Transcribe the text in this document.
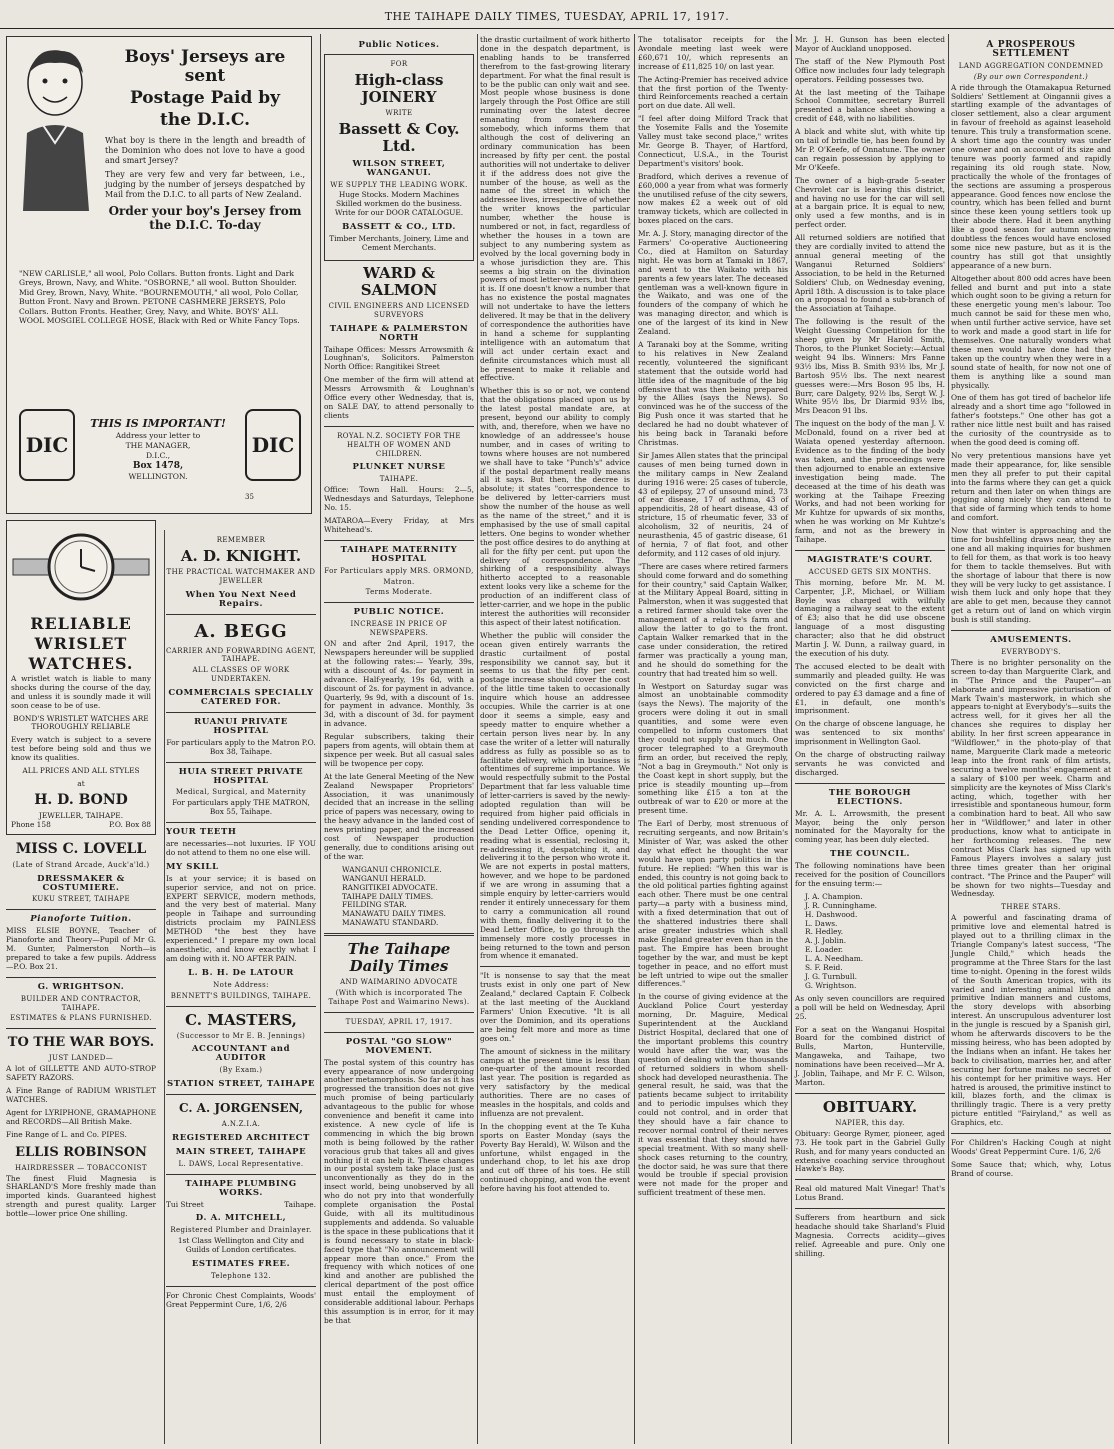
THE TAIHAPE DAILY TIMES, TUESDAY, APRIL 17, 1917.
Boys' Jerseys are sent
Postage Paid by
the D.I.C.

What boy is there in the length and breadth of the Dominion who does not love to have a good and smart Jersey?

They are very few and very far between, i.e., judging by the number of jerseys despatched by Mail from the D.I.C. to all parts of New Zealand.

Order your boy's Jersey from the D.I.C. To-day
"NEW CARLISLE," all wool, Polo Collars. Button fronts. Light and Dark Greys, Brown, Navy, and White. "OSBORNE," all wool. Button Shoulder. Mid Grey, Brown, Navy, White. "BOURNEMOUTH," all wool, Polo Collar, Button Front. Navy and Brown. PETONE CASHMERE JERSEYS, Polo Collars. Button Fronts. Heather, Grey, Navy, and White. BOYS' ALL WOOL MOSGIEL COLLEGE HOSE, Black with Red or White Fancy Tops.
DIC	DIC
THIS IS IMPORTANT!
Address your letter to
THE MANAGER,
D.I.C.,
Box 1478,
WELLINGTON.
35
RELIABLE
WRISLET
WATCHES.

A wristlet watch is liable to many shocks during the course of the day, and unless it is soundly made it will soon cease to be of use.

BOND'S WRISTLET WATCHES ARE THOROUGHLY RELIABLE

Every watch is subject to a severe test before being sold and thus we know its qualities.

ALL PRICES AND ALL STYLES

at
H. D. BOND
JEWELLER, TAIHAPE.
Phone 158	P.O. Box 88
MISS C. LOVELL
(Late of Strand Arcade, Auck'a'ld.)
DRESSMAKER & COSTUMIERE.
KUKU STREET, TAIHAPE
Pianoforte Tuition.

MISS ELSIE BOYNE, Teacher of Pianoforte and Theory—Pupil of Mr G. M. Gunter, Palmerston North—is prepared to take a few pupils. Address—P.O. Box 21.

G. WRIGHTSON.
BUILDER AND CONTRACTOR, TAIHAPE.
ESTIMATES & PLANS FURNISHED.
TO THE WAR BOYS.
JUST LANDED—

A lot of GILLETTE AND AUTO-STROP SAFETY RAZORS.

A Fine Range of RADIUM WRISTLET WATCHES.

Agent for LYRIPHONE, GRAMAPHONE and RECORDS—All British Make.

Fine Range of L. and Co. PIPES.

ELLIS ROBINSON
HAIRDRESSER — TOBACCONIST

The finest Fluid Magnesia is SHARLAND'S More freshly made than imported kinds. Guaranteed highest strength and purest quality. Larger bottle—lower price One shilling.

REMEMBER
A. D. KNIGHT.
THE PRACTICAL WATCHMAKER AND JEWELLER
When You Next Need Repairs.
A. BEGG
CARRIER AND FORWARDING AGENT, TAIHAPE.
ALL CLASSES OF WORK UNDERTAKEN.
COMMERCIALS SPECIALLY CATERED FOR.
RUANUI PRIVATE HOSPITAL

For particulars apply to the Matron P.O. Box 38, Taihape.

HUIA STREET PRIVATE HOSPITAL
Medical, Surgical, and Maternity

For particulars apply THE MATRON, Box 55, Taihape.

YOUR TEETH

are necessaries—not luxuries. IF YOU do not attend to them no one else will.

MY SKILL

Is at your service; it is based on superior service, and not on price. EXPERT SERVICE, modern methods, and the very best of material. Many people in Taihape and surrounding districts proclaim my PAINLESS METHOD "the best they have experienced." I prepare my own local anaesthetic, and know exactly what I am doing with it. NO AFTER PAIN.

L. B. H. De LATOUR
Note Address:
BENNETT'S BUILDINGS, TAIHAPE.
C. MASTERS,
(Successor to Mr E. B. Jennings)
ACCOUNTANT and AUDITOR
(By Exam.)
STATION STREET, TAIHAPE
C. A. JORGENSEN,
A.N.Z.I.A.
REGISTERED ARCHITECT
MAIN STREET, TAIHAPE
L. DAWS, Local Representative.
TAIHAPE PLUMBING WORKS.
Tui Street	Taihape.
D. A. MITCHELL,
Registered Plumber and Drainlayer.

1st Class Wellington and City and Guilds of London certificates.

ESTIMATES FREE.
Telephone 132.

For Chronic Chest Complaints, Woods' Great Peppermint Cure, 1/6, 2/6

Public Notices.
FOR
High-class JOINERY
WRITE
Bassett & Coy. Ltd.
WILSON STREET, WANGANUI.
WE SUPPLY THE LEADING WORK.

Huge Stocks. Modern Machines Skilled workmen do the business. Write for our DOOR CATALOGUE.

BASSETT & CO., LTD.

Timber Merchants, Joinery, Lime and Cement Merchants.

WARD & SALMON
CIVIL ENGINEERS AND LICENSED SURVEYORS
TAIHAPE & PALMERSTON NORTH

Taihape Offices: Messrs Arrowsmith & Loughnan's, Solicitors. Palmerston North Office: Rangitikei Street

One member of the firm will attend at Messrs Arrowsmith & Loughnan's Office every other Wednesday, that is, on SALE DAY, to attend personally to clients

ROYAL N.Z. SOCIETY FOR THE HEALTH OF WOMEN AND CHILDREN.
PLUNKET NURSE
TAIHAPE.

Office: Town Hall. Hours: 2—5, Wednesdays and Saturdays, Telephone No. 15.

MATAROA—Every Friday, at Mrs Whitehead's.

TAIHAPE MATERNITY HOSPITAL
For Particulars apply MRS. ORMOND,
Matron.
Terms Moderate.
PUBLIC NOTICE.
INCREASE IN PRICE OF NEWSPAPERS.

ON and after 2nd April, 1917, the Newspapers hereunder will be supplied at the following rates:— Yearly, 39s, with a discount of 4s. for payment in advance. Half-yearly, 19s 6d, with a discount of 2s. for payment in advance. Quarterly, 9s 9d, with a discount of 1s. for payment in advance. Monthly, 3s 3d, with a discount of 3d. for payment in advance.

Regular subscribers, taking their papers from agents, will obtain them at sixpence per week. But all casual sales will be twopence per copy.

At the late General Meeting of the New Zealand Newspaper Proprietors' Association, it was unanimously decided that an increase in the selling price of papers was necessary, owing to the heavy advance in the landed cost of news printing paper, and the increased cost of Newspaper production generally, due to conditions arising out of the war.

WANGANUI CHRONICLE.
WANGANUI HERALD.
RANGITIKEI ADVOCATE.
TAIHAPE DAILY TIMES.
FEILDING STAR.
MANAWATU DAILY TIMES.
MANAWATU STANDARD.
The Taihape Daily Times
AND WAIMARINO ADVOCATE
(With which is incorporated The Taihape Post and Waimarino News).
TUESDAY, APRIL 17, 1917.
POSTAL "GO SLOW" MOVEMENT.

The postal system of this country has every appearance of now undergoing another metamorphosis. So far as it has progressed the transition does not give much promise of being particularly advantageous to the public for whose convenience and benefit it came into existence. A new cycle of life is commencing in which the big brown moth is being followed by the rather voracious grub that takes all and gives nothing if it can help it. These changes in our postal system take place just as unconventionally as they do in the insect world, being unobserved by all who do not pry into that wonderfully complete organisation the Postal Guide, with all its multitudinous supplements and addenda. So valuable is the space in these publications that it is found necessary to state in black-faced type that "No announcement will appear more than once." From the frequency with which notices of one kind and another are published the clerical department of the post office must entail the employment of considerable additional labour. Perhaps this assumption is in error, for it may be that

the drastic curtailment of work hitherto done in the despatch department, is enabling hands to be transferred therefrom to the fast-growing literary department. For what the final result is to be the public can only wait and see. Most people whose business is done largely through the Post Office are still ruminating over the latest decree emanating from somewhere or somebody, which informs them that although the cost of delivering an ordinary communication has been increased by fifty per cent. the postal authorities will not undertake to deliver it if the address does not give the number of the house, as well as the name of the street in which the addressee lives, irrespective of whether the writer knows the particular number, whether the house is numbered or not, in fact, regardless of whether the houses in a town are subject to any numbering system as evolved by the local governing body in a whose jurisdiction they are. This seems a big strain on the divination powers of most letter-writers, but there it is. If one doesn't know a number that has no existence the postal magnates will not undertake to have the letters delivered. It may be that in the delivery of correspondence the authorities have in hand a scheme for supplanting intelligence with an automatum that will act under certain exact and definite circumstances which must all be present to make it reliable and effective.

Whether this is so or not, we contend that the obligations placed upon us by the latest postal mandate are, at present, beyond our ability to comply with, and, therefore, when we have no knowledge of an addressee's house number, and in cases of writing to towns where houses are not numbered we shall have to take "Punch's" advice if the postal department really means all it says. But then, the decree is absolute; it states "correspondence to be delivered by letter-carriers must show the number of the house as well as the name of the street," and it is emphasised by the use of small capital letters. One begins to wonder whether the post office desires to do anything at all for the fifty per cent. put upon the delivery of correspondence. The shirking of a responsibility always hitherto accepted to a reasonable extent looks very like a scheme for the production of an indifferent class of letter-carrier, and we hope in the public interest the authorities will reconsider this aspect of their latest notification.

Whether the public will consider the ocean given entirely warrants the drastic curtailment of postal responsibility we cannot say, but it seems to us that the fifty per cent. postage increase should cover the cost of the little time taken to occasionally inquire which house an addressee occupies. While the carrier is at one door it seems a simple, easy and speedy matter to enquire whether a certain person lives near by. In any case the writer of a letter will naturally address as fully as possible so as to facilitate delivery, which in business is oftentimes of supreme importance. We would respectfully submit to the Postal Department that far less valuable time of letter-carriers is saved by the newly-adopted regulation than will be required from higher paid officials in sending undelivered correspondence to the Dead Letter Office, opening it, reading what is essential, reclosing it, re-addressing it, despatching it, and delivering it to the person who wrote it. We are not experts in postal matters, however, and we hope to be pardoned if we are wrong in assuming that a simple enquiry by letter-carriers would render it entirely unnecessary for them to carry a communication all round with them, finally delivering it to the Dead Letter Office, to go through the immensely more costly processes in being returned to the town and person from whence it emanated.

"It is nonsense to say that the meat trusts exist in only one part of New Zealand," declared Captain F. Colbeck at the last meeting of the Auckland Farmers' Union Executive. "It is all over the Dominion, and its operations are being felt more and more as time goes on."

The amount of sickness in the military camps at the present time is less than one-quarter of the amount recorded last year. The position is regarded as very satisfactory by the medical authorities. There are no cases of measles in the hospitals, and colds and influenza are not prevalent.

In the chopping event at the Te Kuha sports on Easter Monday (says the Poverty Bay Herald), W. Wilson and the unfortune, whilst engaged in the underhand chop, to let his axe drop and cut off three of his toes. He still continued chopping, and won the event before having his foot attended to.

The totalisator receipts for the Avondale meeting last week were £60,671 10/, which represents an increase of £11,825 10/ on last year.

The Acting-Premier has received advice that the first portion of the Twenty-third Reinforcements reached a certain port on due date. All well.

"I feel after doing Milford Track that the Yosemite Falls and the Yosemite Valley must take second place," writes Mr. George B. Thayer, of Hartford, Connecticut, U.S.A., in the Tourist Department's visitors' book.

Bradford, which derives a revenue of £60,000 a year from what was formerly the unutilised refuse of the city sewers, now makes £2 a week out of old tramway tickets, which are collected in boxes placed on the cars.

Mr. A. J. Story, managing director of the Farmers' Co-operative Auctioneering Co., died at Hamilton on Saturday night. He was born at Tamaki in 1867, and went to the Waikato with his parents a few years later. The deceased gentleman was a well-known figure in the Waikato, and was one of the founders of the company of which he was managing director, and which is one of the largest of its kind in New Zealand.

A Taranaki boy at the Somme, writing to his relatives in New Zealand recently, volunteered the significant statement that the outside world had little idea of the magnitude of the big offensive that was then being prepared by the Allies (says the News). So convinced was he of the success of the Big Push once it was started that he declared he had no doubt whatever of his being back in Taranaki before Christmas.

Sir James Allen states that the principal causes of men being turned down in the military camps in New Zealand during 1916 were: 25 cases of tubercle, 43 of epilepsy, 27 of unsound mind, 73 of ear disease, 17 of asthma, 43 of appendicitis, 28 of heart disease, 43 of stricture, 15 of rheumatic fever, 33 of alcoholism, 32 of neuritis, 24 of neurasthenia, 45 of gastric disease, 61 of hernia, 7 of flat foot, and other deformity, and 112 cases of old injury.

"There are cases where retired farmers should come forward and do something for their country," said Captain Walker, at the Military Appeal Board, sitting in Palmerston, when it was suggested that a retired farmer should take over the management of a relative's farm and allow the latter to go to the front. Captain Walker remarked that in the case under consideration, the retired farmer was practically a young man, and he should do something for the country that had treated him so well.

In Westport on Saturday sugar was almost an unobtainable commodity (says the News). The majority of the grocers were doling it out in small quantities, and some were even compelled to inform customers that they could not supply that much. One grocer telegraphed to a Greymouth firm an order, but received the reply, "Not a bag in Greymouth." Not only is the Coast kept in short supply, but the price is steadily mounting up—from something like £15 a ton at the outbreak of war to £20 or more at the present time.

The Earl of Derby, most strenuous of recruiting sergeants, and now Britain's Minister of War, was asked the other day what effect he thought the war would have upon party politics in the future. He replied: "When this war is ended, this country is not going back to the old political parties fighting against each other. There must be one central party—a party with a business mind, with a fixed determination that out of the shattered industries there shall arise greater industries which shall make England greater even than in the past. The Empire has been brought together by the war, and must be kept together in peace, and no effort must be left untried to wipe out the smaller differences."

In the course of giving evidence at the Auckland Police Court yesterday morning, Dr. Maguire, Medical Superintendent at the Auckland District Hospital, declared that one of the important problems this country would have after the war, was the question of dealing with the thousands of returned soldiers in whom shell-shock had developed neurasthenia. The general result, he said, was that the patients became subject to irritability and to periodic impulses which they could not control, and in order that they should have a fair chance to recover normal control of their nerves it was essential that they should have special treatment. With so many shell-shock cases returning to the country, the doctor said, he was sure that there would be trouble if special provision were not made for the proper and sufficient treatment of these men.

Mr. J. H. Gunson has been elected Mayor of Auckland unopposed.

The staff of the New Plymouth Post Office now includes four lady telegraph operators. Feilding possesses two.

At the last meeting of the Taihape School Committee, secretary Burrell presented a balance sheet showing a credit of £48, with no liabilities.

A black and white slut, with white tip on tail of brindle tie, has been found by Mr P. O'Keefe, of Onnatune. The owner can regain possession by applying to Mr O'Keefe.

The owner of a high-grade 5-seater Chevrolet car is leaving this district, and having no use for the car will sell at a bargain price. It is equal to new, only used a few months, and is in perfect order.

All returned soldiers are notified that they are cordially invited to attend the annual general meeting of the Wanganui Returned Soldiers' Association, to be held in the Returned Soldiers' Club, on Wednesday evening, April 18th. A discussion is to take place on a proposal to found a sub-branch of the Association at Taihape.

The following is the result of the Weight Guessing Competition for the sheep given by Mr Harold Smith, Thoros, to the Plunket Society:—Actual weight 94 lbs. Winners: Mrs Fanne 93½ lbs, Miss B. Smith 93½ lbs, Mr J. Bartosh 95½ lbs. The next nearest guesses were:—Mrs Boson 95 lbs, H. Burr, care Dalgety, 92½ lbs, Sergt W. J. White 95½ lbs, Dr Diarmid 93½ lbs, Mrs Deacon 91 lbs.

The inquest on the body of the man J. V. McDonald, found on a river bed at Waiata opened yesterday afternoon. Evidence as to the finding of the body was taken, and the proceedings were then adjourned to enable an extensive investigation being made. The deceased at the time of his death was working at the Taihape Freezing Works, and had not been working for Mr Kuhtze for upwards of six months, when he was working on Mr Kuhtze's farm, and not as the brewery in Taihape.

MAGISTRATE'S COURT.
ACCUSED GETS SIX MONTHS.

This morning, before Mr. M. M. Carpenter, J.P., Michael, or William Boyle was charged with wilfully damaging a railway seat to the extent of £3; also that he did use obscene language of a most disgusting character; also that he did obstruct Martin J. W. Dunn, a railway guard, in the execution of his duty.

The accused elected to be dealt with summarily and pleaded guilty. He was convicted on the first charge and ordered to pay £3 damage and a fine of £1, in default, one month's imprisonment.

On the charge of obscene language, he was sentenced to six months' imprisonment in Wellington Gaol.

On the charge of obstructing railway servants he was convicted and discharged.

THE BOROUGH ELECTIONS.

Mr. A. L. Arrowsmith, the present Mayor, being the only person nominated for the Mayoralty for the coming year, has been duly elected.

THE COUNCIL.

The following nominations have been received for the position of Councillors for the ensuing term:—

J. A. Champion.
J. R. Cunninghame.
H. Dashwood.
L. Daws.
R. Hedley.
A. J. Joblin.
E. Loader.
L. A. Needham.
S. F. Reid.
J. G. Turnbull.
G. Wrightson.

As only seven councillors are required a poll will be held on Wednesday, April 25.

For a seat on the Wanganui Hospital Board for the combined district of Bulls, Marton, Hunterville, Mangaweka, and Taihape, two nominations have been received—Mr A. J. Joblin, Taihape, and Mr F. C. Wilson, Marton.

OBITUARY.
NAPIER, this day.

Obituary: George Rymer, pioneer, aged 73. He took part in the Gabriel Gully Rush, and for many years conducted an extensive coaching service throughout Hawke's Bay.

Real old matured Malt Vinegar! That's Lotus Brand.

Sufferers from heartburn and sick headache should take Sharland's Fluid Magnesia. Corrects acidity—gives relief. Agreeable and pure. Only one shilling.

A PROSPEROUS SETTLEMENT
LAND AGGREGATION CONDEMNED
(By our own Correspondent.)

A ride through the Otamakapua Returned Soldiers' Settlement at Oingannii gives a startling example of the advantages of closer settlement, also a clear argument in favour of freehold as against leasehold tenure. This truly a transformation scene. A short time ago the country was under one owner and on account of its size and tenure was poorly farmed and rapidly regaining its old rough state. Now, practically the whole of the frontages of the sections are assuming a prosperous appearance. Good fences now enclose the country, which has been felled and burnt since these keen young settlers took up their abode there. Had it been anything like a good season for autumn sowing doubtless the fences would have enclosed some nice new pasture, but as it is the country has still got that unsightly appearance of a new burn.

Altogether about 800 odd acres have been felled and burnt and put into a state which ought soon to be giving a return for these energetic young men's labour. Too much cannot be said for these men who, when until further active service, have set to work and made a good start in life for themselves. One naturally wonders what these men would have done had they taken up the country when they were in a sound state of health, for now not one of them is anything like a sound man physically.

One of them has got tired of bachelor life already and a short time ago "followed in father's footsteps." One other has got a rather nice little nest built and has raised the curiosity of the countryside as to when the good deed is coming off.

No very pretentious mansions have yet made their appearance, for, like sensible men they all prefer to put their capital into the farms where they can get a quick return and then later on when things are jogging along nicely they can attend to that side of farming which tends to home and comfort.

Now that winter is approaching and the time for bushfelling draws near, they are one and all making inquiries for bushmen to fell for them, as that work is too heavy for them to tackle themselves. But with the shortage of labour that there is now they will be very lucky to get assistance. I wish them luck and only hope that they are able to get men, because they cannot get a return out of land on which virgin bush is still standing.

AMUSEMENTS.
EVERYBODY'S.

There is no brighter personality on the screen to-day than Marguerite Clark, and in "The Prince and the Pauper"—an elaborate and impressive picturisation of Mark Twain's masterwork, in which she appears to-night at Everybody's—suits the actress well, for it gives her all the chances she requires to display her ability. In her first screen appearance in "Wildflower," in the photo-play of that name, Marguerite Clark made a meteoric leap into the front rank of film artists, securing a twelve months' engagement at a salary of $100 per week. Charm and simplicity are the keynotes of Miss Clark's acting, which, together with her irresistible and spontaneous humour, form a combination hard to beat. All who saw her in "Wildflower," and later in other productions, know what to anticipate in her forthcoming releases. The new contract Miss Clark has signed up with Famous Players involves a salary just three times greater than her original contract. "The Prince and the Pauper" will be shown for two nights—Tuesday and Wednesday.

THREE STARS.

A powerful and fascinating drama of primitive love and elemental hatred is played out to a thrilling climax in the Triangle Company's latest success, "The Jungle Child," which heads the programme at the Three Stars for the last time to-night. Opening in the forest wilds of the South American tropics, with its varied and interesting animal life and primitive Indian manners and customs, the story develops with absorbing interest. An unscrupulous adventurer lost in the jungle is rescued by a Spanish girl, whom he afterwards discovers to be the missing heiress, who has been adopted by the Indians when an infant. He takes her back to civilisation, marries her, and after securing her fortune makes no secret of his contempt for her primitive ways. Her hatred is aroused, the primitive instinct to kill, blazes forth, and the climax is thrillingly tragic. There is a very pretty picture entitled "Fairyland," as well as Graphics, etc.

For Children's Hacking Cough at night Woods' Great Peppermint Cure. 1/6, 2/6

Some Sauce that; which, why, Lotus Brand of course.
